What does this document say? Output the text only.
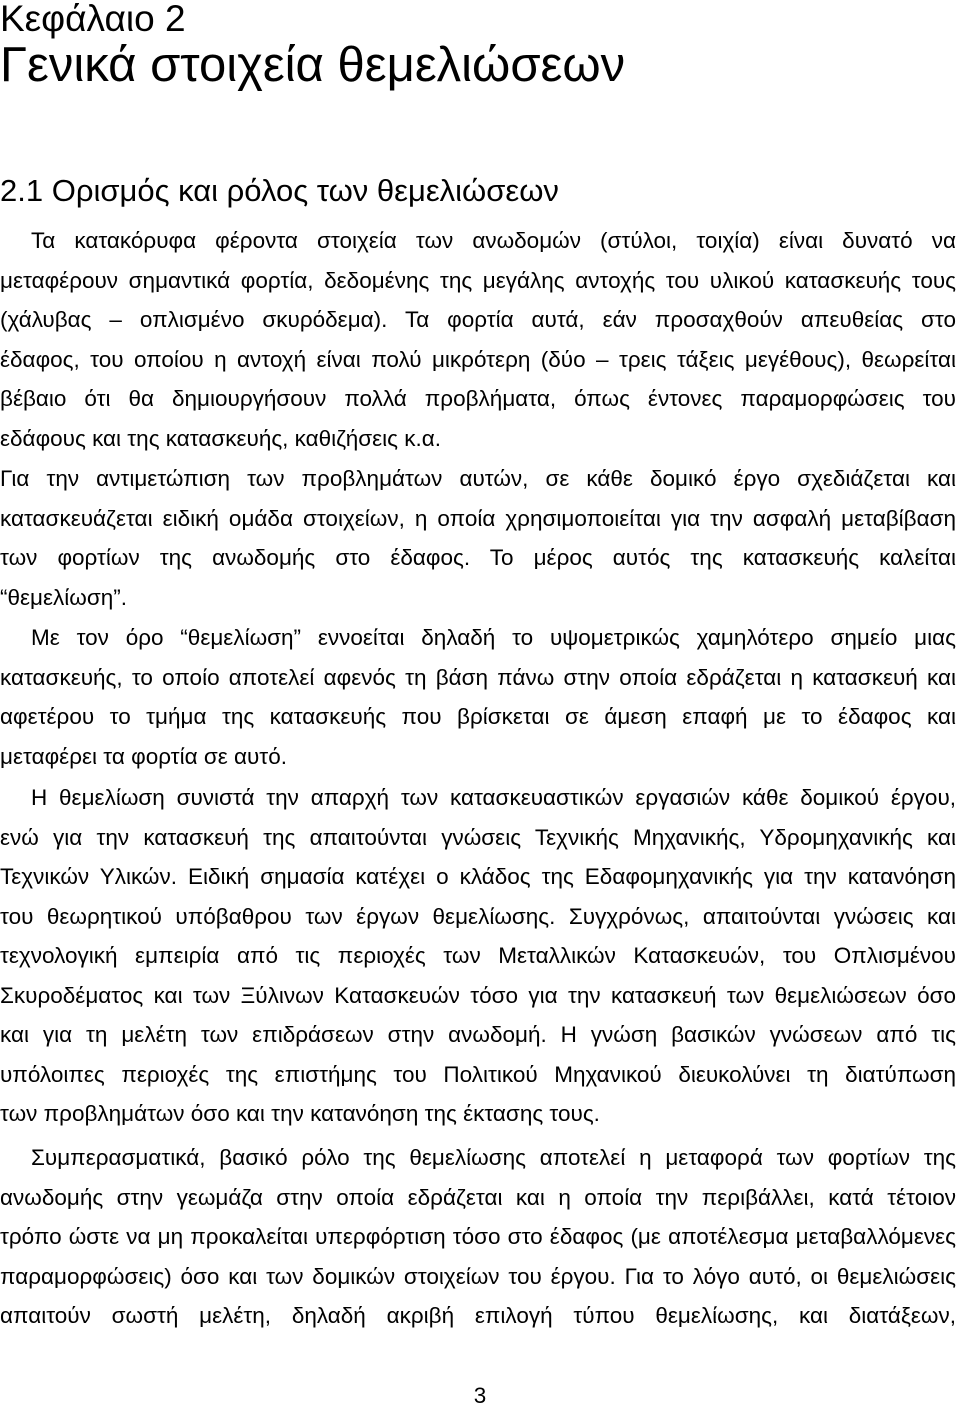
Κεφάλαιο 2
Γενικά στοιχεία θεμελιώσεων
2.1 Ορισμός και ρόλος των θεμελιώσεων
Τα κατακόρυφα φέροντα στοιχεία των ανωδομών (στύλοι, τοιχία) είναι δυνατό να
μεταφέρουν σημαντικά φορτία, δεδομένης της μεγάλης αντοχής του υλικού κατασκευής τους
(χάλυβας – οπλισμένο σκυρόδεμα). Τα φορτία αυτά, εάν προσαχθούν απευθείας στο
έδαφος, του οποίου η αντοχή είναι πολύ μικρότερη (δύο – τρεις τάξεις μεγέθους), θεωρείται
βέβαιο ότι θα δημιουργήσουν πολλά προβλήματα, όπως έντονες παραμορφώσεις του
εδάφους και της κατασκευής, καθιζήσεις κ.α.
Για την αντιμετώπιση των προβλημάτων αυτών, σε κάθε δομικό έργο σχεδιάζεται και
κατασκευάζεται ειδική ομάδα στοιχείων, η οποία χρησιμοποιείται για την ασφαλή μεταβίβαση
των φορτίων της ανωδομής στο έδαφος. Το μέρος αυτός της κατασκευής καλείται
“θεμελίωση”.
Με τον όρο “θεμελίωση” εννοείται δηλαδή το υψομετρικώς χαμηλότερο σημείο μιας
κατασκευής, το οποίο αποτελεί αφενός τη βάση πάνω στην οποία εδράζεται η κατασκευή και
αφετέρου το τμήμα της κατασκευής που βρίσκεται σε άμεση επαφή με το έδαφος και
μεταφέρει τα φορτία σε αυτό.
Η θεμελίωση συνιστά την απαρχή των κατασκευαστικών εργασιών κάθε δομικού έργου,
ενώ για την κατασκευή της απαιτούνται γνώσεις Τεχνικής Μηχανικής, Υδρομηχανικής και
Τεχνικών Υλικών. Ειδική σημασία κατέχει ο κλάδος της Εδαφομηχανικής για την κατανόηση
του θεωρητικού υπόβαθρου των έργων θεμελίωσης. Συγχρόνως, απαιτούνται γνώσεις και
τεχνολογική εμπειρία από τις περιοχές των Μεταλλικών Κατασκευών, του Οπλισμένου
Σκυροδέματος και των Ξύλινων Κατασκευών τόσο για την κατασκευή των θεμελιώσεων όσο
και για τη μελέτη των επιδράσεων στην ανωδομή. Η γνώση βασικών γνώσεων από τις
υπόλοιπες περιοχές της επιστήμης του Πολιτικού Μηχανικού διευκολύνει τη διατύπωση
των προβλημάτων όσο και την κατανόηση της έκτασης τους.
Συμπερασματικά, βασικό ρόλο της θεμελίωσης αποτελεί η μεταφορά των φορτίων της
ανωδομής στην γεωμάζα στην οποία εδράζεται και η οποία την περιβάλλει, κατά τέτοιον
τρόπο ώστε να μη προκαλείται υπερφόρτιση τόσο στο έδαφος (με αποτέλεσμα μεταβαλλόμενες
παραμορφώσεις) όσο και των δομικών στοιχείων του έργου. Για το λόγο αυτό, οι θεμελιώσεις
απαιτούν σωστή μελέτη, δηλαδή ακριβή επιλογή τύπου θεμελίωσης, και διατάξεων,
3
